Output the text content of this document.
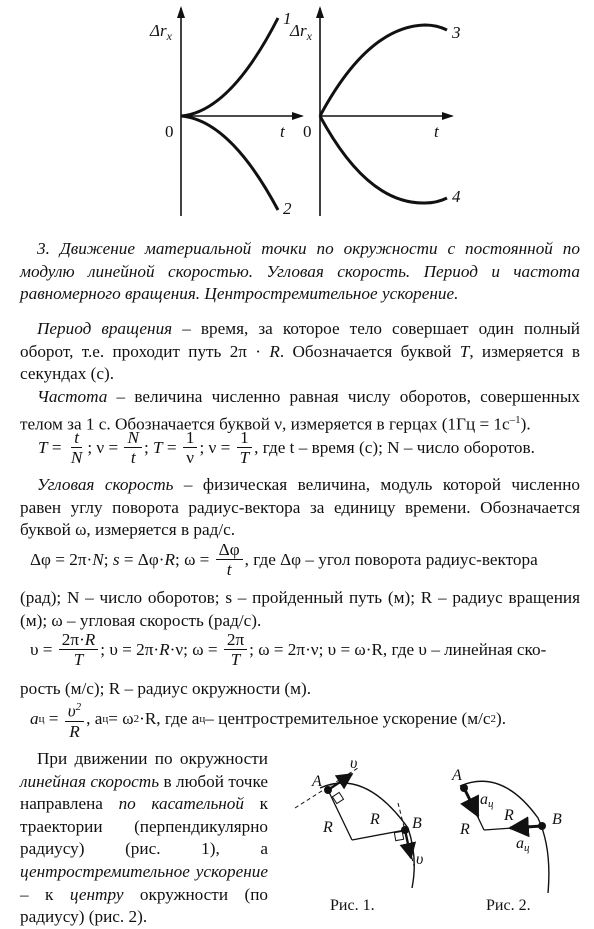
$\Delta r_x$
0	t
1
2
$\Delta r_x$
0	t
3
4

3. Движение материальной точки по окружности с постоянной по модулю линейной скоростью. Угловая скорость. Период и частота равномерного вращения. Центростремительное ускорение.

Период вращения – время, за которое тело совершает один полный оборот, т.е. проходит путь 2π · R. Обозначается буквой T, измеряется в секундах (с).

Частота – величина численно равная числу оборотов, совершенных телом за 1 с. Обозначается буквой ν, измеряется в герцах $(1Гц = 1с^{-1})$.

$T = \frac{t}{N}$ ; $\nu = \frac{N}{t}$ ; $T = \frac{1}{\nu}$ ; $\nu = \frac{1}{T}$ , где t – время (с); N – число оборотов.

Угловая скорость – физическая величина, модуль которой численно равен углу поворота радиус-вектора за единицу времени. Обозначается буквой ω, измеряется в рад/с.

Δφ = 2π· N ; s = Δφ· R ; $\omega = \frac{\Delta\varphi}{t}$ , где Δφ – угол поворота радиус-вектора

(рад); N – число оборотов; s – пройденный путь (м); R – радиус вращения (м); ω – угловая скорость (рад/с).

$\upsilon = \frac{2\pi\cdot R}{T}$ ; υ = 2π· R ·ν; $\omega = \frac{2\pi}{T}$ ; ω = 2π·ν; υ = ω·R, где υ – линейная ско-

рость (м/с); R – радиус окружности (м).

a $ц = \frac{\upsilon^2}{R}$ , a ц = ω 2 ·R, где a ц – центростремительное ускорение (м/с 2 ).

При движении по окружности линейная скорость в любой точке направлена по касательной к траектории (перпендикулярно радиусу) (рис. 1), а центростремительное ускорение – к центру окружности (по радиусу) (рис. 2).

A
B
R R
υ
υ
Рис. 1.
A
B
R
R
aц
aц
Рис. 2.
